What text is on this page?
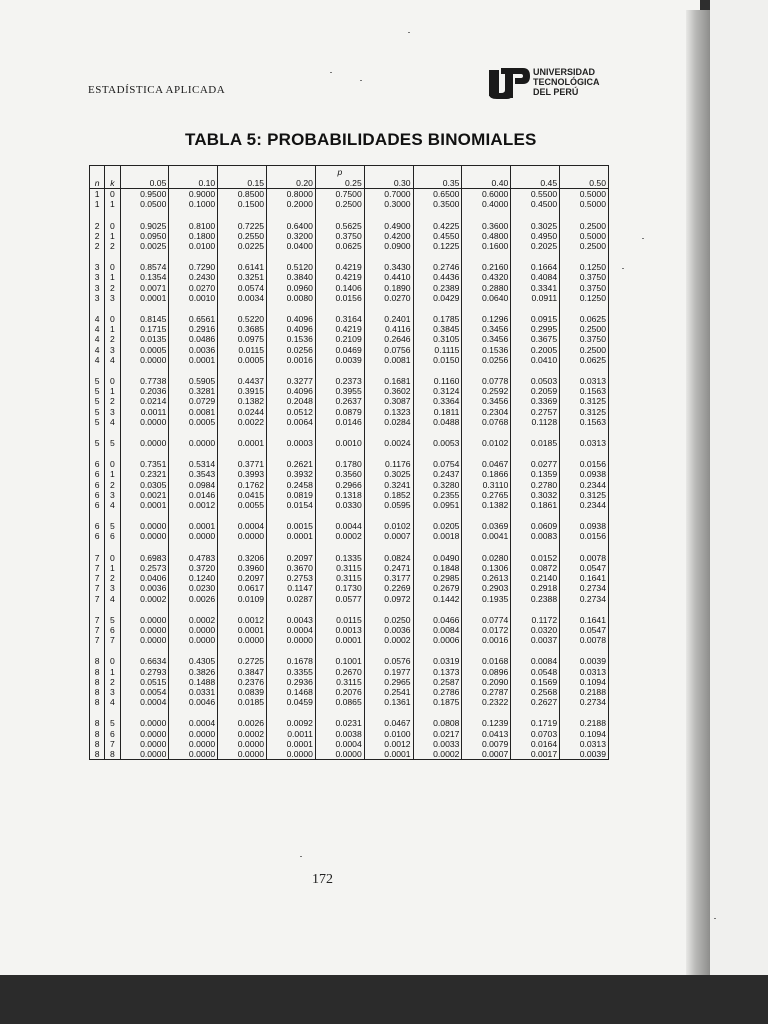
ESTADÍSTICA APLICADA
UNIVERSIDAD
TECNOLÓGICA
DEL PERÚ
TABLA 5: PROBABILIDADES BINOMIALES
						p					
n	k	0.05	0.10	0.15	0.20	0.25	0.30	0.35	0.40	0.45	0.50
1	0	0.9500	0.9000	0.8500	0.8000	0.7500	0.7000	0.6500	0.6000	0.5500	0.5000
1	1	0.0500	0.1000	0.1500	0.2000	0.2500	0.3000	0.3500	0.4000	0.4500	0.5000

2	0	0.9025	0.8100	0.7225	0.6400	0.5625	0.4900	0.4225	0.3600	0.3025	0.2500
2	1	0.0950	0.1800	0.2550	0.3200	0.3750	0.4200	0.4550	0.4800	0.4950	0.5000
2	2	0.0025	0.0100	0.0225	0.0400	0.0625	0.0900	0.1225	0.1600	0.2025	0.2500

3	0	0.8574	0.7290	0.6141	0.5120	0.4219	0.3430	0.2746	0.2160	0.1664	0.1250
3	1	0.1354	0.2430	0.3251	0.3840	0.4219	0.4410	0.4436	0.4320	0.4084	0.3750
3	2	0.0071	0.0270	0.0574	0.0960	0.1406	0.1890	0.2389	0.2880	0.3341	0.3750
3	3	0.0001	0.0010	0.0034	0.0080	0.0156	0.0270	0.0429	0.0640	0.0911	0.1250

4	0	0.8145	0.6561	0.5220	0.4096	0.3164	0.2401	0.1785	0.1296	0.0915	0.0625
4	1	0.1715	0.2916	0.3685	0.4096	0.4219	0.4116	0.3845	0.3456	0.2995	0.2500
4	2	0.0135	0.0486	0.0975	0.1536	0.2109	0.2646	0.3105	0.3456	0.3675	0.3750
4	3	0.0005	0.0036	0.0115	0.0256	0.0469	0.0756	0.1115	0.1536	0.2005	0.2500
4	4	0.0000	0.0001	0.0005	0.0016	0.0039	0.0081	0.0150	0.0256	0.0410	0.0625

5	0	0.7738	0.5905	0.4437	0.3277	0.2373	0.1681	0.1160	0.0778	0.0503	0.0313
5	1	0.2036	0.3281	0.3915	0.4096	0.3955	0.3602	0.3124	0.2592	0.2059	0.1563
5	2	0.0214	0.0729	0.1382	0.2048	0.2637	0.3087	0.3364	0.3456	0.3369	0.3125
5	3	0.0011	0.0081	0.0244	0.0512	0.0879	0.1323	0.1811	0.2304	0.2757	0.3125
5	4	0.0000	0.0005	0.0022	0.0064	0.0146	0.0284	0.0488	0.0768	0.1128	0.1563

5	5	0.0000	0.0000	0.0001	0.0003	0.0010	0.0024	0.0053	0.0102	0.0185	0.0313

6	0	0.7351	0.5314	0.3771	0.2621	0.1780	0.1176	0.0754	0.0467	0.0277	0.0156
6	1	0.2321	0.3543	0.3993	0.3932	0.3560	0.3025	0.2437	0.1866	0.1359	0.0938
6	2	0.0305	0.0984	0.1762	0.2458	0.2966	0.3241	0.3280	0.3110	0.2780	0.2344
6	3	0.0021	0.0146	0.0415	0.0819	0.1318	0.1852	0.2355	0.2765	0.3032	0.3125
6	4	0.0001	0.0012	0.0055	0.0154	0.0330	0.0595	0.0951	0.1382	0.1861	0.2344

6	5	0.0000	0.0001	0.0004	0.0015	0.0044	0.0102	0.0205	0.0369	0.0609	0.0938
6	6	0.0000	0.0000	0.0000	0.0001	0.0002	0.0007	0.0018	0.0041	0.0083	0.0156

7	0	0.6983	0.4783	0.3206	0.2097	0.1335	0.0824	0.0490	0.0280	0.0152	0.0078
7	1	0.2573	0.3720	0.3960	0.3670	0.3115	0.2471	0.1848	0.1306	0.0872	0.0547
7	2	0.0406	0.1240	0.2097	0.2753	0.3115	0.3177	0.2985	0.2613	0.2140	0.1641
7	3	0.0036	0.0230	0.0617	0.1147	0.1730	0.2269	0.2679	0.2903	0.2918	0.2734
7	4	0.0002	0.0026	0.0109	0.0287	0.0577	0.0972	0.1442	0.1935	0.2388	0.2734

7	5	0.0000	0.0002	0.0012	0.0043	0.0115	0.0250	0.0466	0.0774	0.1172	0.1641
7	6	0.0000	0.0000	0.0001	0.0004	0.0013	0.0036	0.0084	0.0172	0.0320	0.0547
7	7	0.0000	0.0000	0.0000	0.0000	0.0001	0.0002	0.0006	0.0016	0.0037	0.0078

8	0	0.6634	0.4305	0.2725	0.1678	0.1001	0.0576	0.0319	0.0168	0.0084	0.0039
8	1	0.2793	0.3826	0.3847	0.3355	0.2670	0.1977	0.1373	0.0896	0.0548	0.0313
8	2	0.0515	0.1488	0.2376	0.2936	0.3115	0.2965	0.2587	0.2090	0.1569	0.1094
8	3	0.0054	0.0331	0.0839	0.1468	0.2076	0.2541	0.2786	0.2787	0.2568	0.2188
8	4	0.0004	0.0046	0.0185	0.0459	0.0865	0.1361	0.1875	0.2322	0.2627	0.2734

8	5	0.0000	0.0004	0.0026	0.0092	0.0231	0.0467	0.0808	0.1239	0.1719	0.2188
8	6	0.0000	0.0000	0.0002	0.0011	0.0038	0.0100	0.0217	0.0413	0.0703	0.1094
8	7	0.0000	0.0000	0.0000	0.0001	0.0004	0.0012	0.0033	0.0079	0.0164	0.0313
8	8	0.0000	0.0000	0.0000	0.0000	0.0000	0.0001	0.0002	0.0007	0.0017	0.0039
172
